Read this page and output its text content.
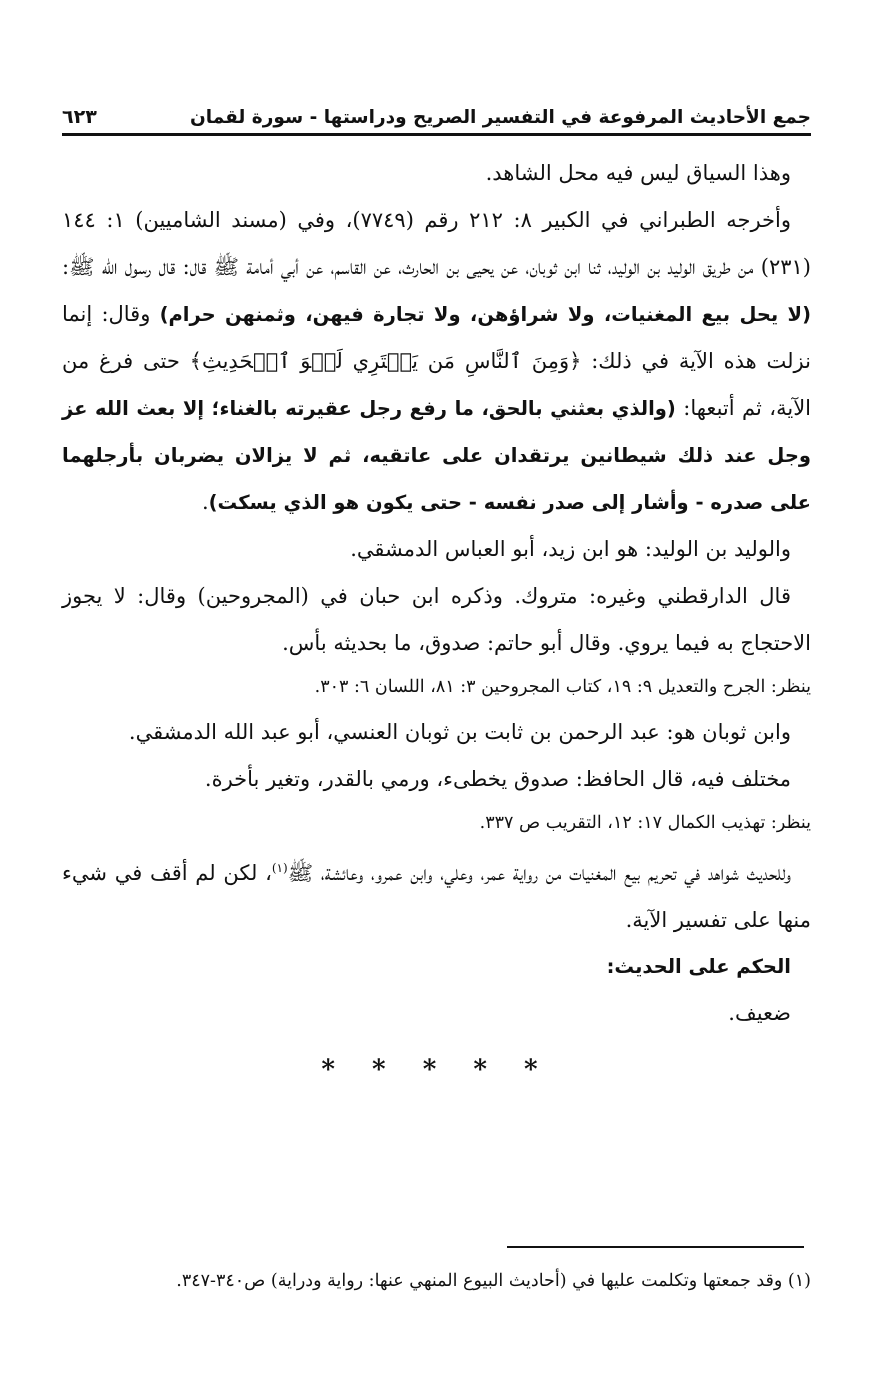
جمع الأحاديث المرفوعة في التفسير الصريح ودراستها - سورة لقمان
٦٢٣

وهذا السياق ليس فيه محل الشاهد.

وأخرجه الطبراني في الكبير ٨: ٢١٢ رقم (٧٧٤٩)، وفي (مسند الشاميين) ١: ١٤٤ (٢٣١) من طريق الوليد بن الوليد، ثنا ابن ثوبان، عن يحيى بن الحارث، عن القاسم، عن أبي أمامة ﷺ قال: قال رسول الله ﷺ: (لا يحل بيع المغنيات، ولا شراؤهن، ولا تجارة فيهن، وثمنهن حرام) وقال: إنما نزلت هذه الآية في ذلك: ﴿وَمِنَ ٱلنَّاسِ مَن يَشۡتَرِي لَهۡوَ ٱلۡحَدِيثِ﴾ حتى فرغ من الآية، ثم أتبعها: (والذي بعثني بالحق، ما رفع رجل عقيرته بالغناء؛ إلا بعث الله عز وجل عند ذلك شيطانين يرتقدان على عاتقيه، ثم لا يزالان يضربان بأرجلهما على صدره - وأشار إلى صدر نفسه - حتى يكون هو الذي يسكت).

والوليد بن الوليد: هو ابن زيد، أبو العباس الدمشقي.

قال الدارقطني وغيره: متروك. وذكره ابن حبان في (المجروحين) وقال: لا يجوز الاحتجاج به فيما يروي. وقال أبو حاتم: صدوق، ما بحديثه بأس.

ينظر: الجرح والتعديل ٩: ١٩، كتاب المجروحين ٣: ٨١، اللسان ٦: ٣٠٣.

وابن ثوبان هو: عبد الرحمن بن ثابت بن ثوبان العنسي، أبو عبد الله الدمشقي.

مختلف فيه، قال الحافظ: صدوق يخطىء، ورمي بالقدر، وتغير بأخرة.

ينظر: تهذيب الكمال ١٧: ١٢، التقريب ص ٣٣٧.

وللحديث شواهد في تحريم بيع المغنيات من رواية عمر، وعلي، وابن عمرو، وعائشة، ﷺ$^{(١)}$، لكن لم أقف في شيء منها على تفسير الآية.

الحكم على الحديث:

ضعيف.

* * * * *
(١) وقد جمعتها وتكلمت عليها في (أحاديث البيوع المنهي عنها: رواية ودراية) ص٣٤٠-٣٤٧.
